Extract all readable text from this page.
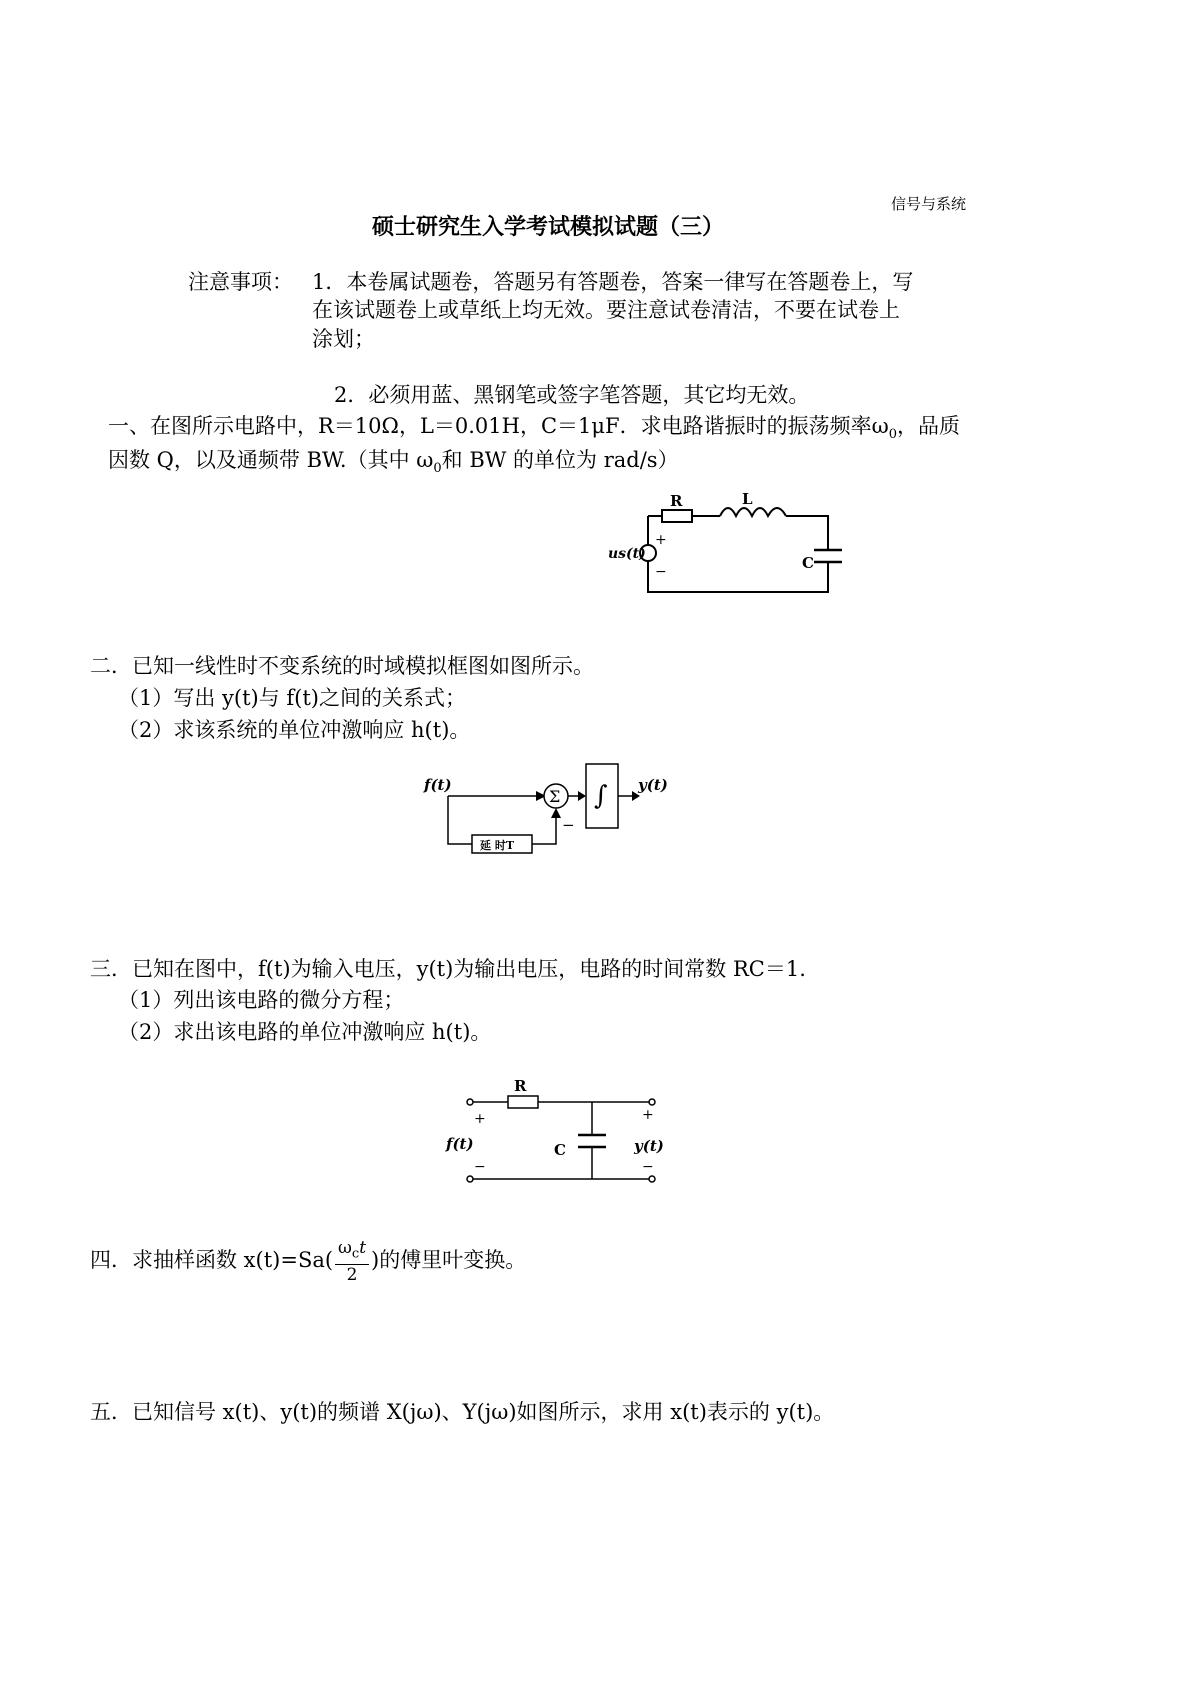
信号与系统
硕士研究生入学考试模拟试题（三）
注意事项： 1．本卷属试题卷，答题另有答题卷，答案一律写在答题卷上，写
在该试题卷上或草纸上均无效。要注意试卷清洁，不要在试卷上
涂划；
2．必须用蓝、黑钢笔或签字笔答题，其它均无效。
一、在图所示电路中，R＝10Ω，L＝0.01H，C＝1μF．求电路谐振时的振荡频率$\omega_0$，品质
因数 Q，以及通频带 BW.（其中 $\omega_0$和 BW 的单位为 rad/s）
R	L
C
us(t)
+
−
二．已知一线性时不变系统的时域模拟框图如图所示。
（1）写出 y(t)与 f(t)之间的关系式；
（2）求该系统的单位冲激响应 h(t)。
Σ ∫
延 时T
f(t)	y(t)
−
三．已知在图中，f(t)为输入电压，y(t)为输出电压，电路的时间常数 RC＝1.
（1）列出该电路的微分方程；
（2）求出该电路的单位冲激响应 h(t)。
R
C
f(t)	y(t)
+
−
+
−
四．求抽样函数 $x(t)=Sa( \frac{\omega_ct}{2}$ )的傅里叶变换。
五．已知信号 x(t)、y(t)的频谱 X(jω)、Y(jω)如图所示，求用 x(t)表示的 y(t)。
